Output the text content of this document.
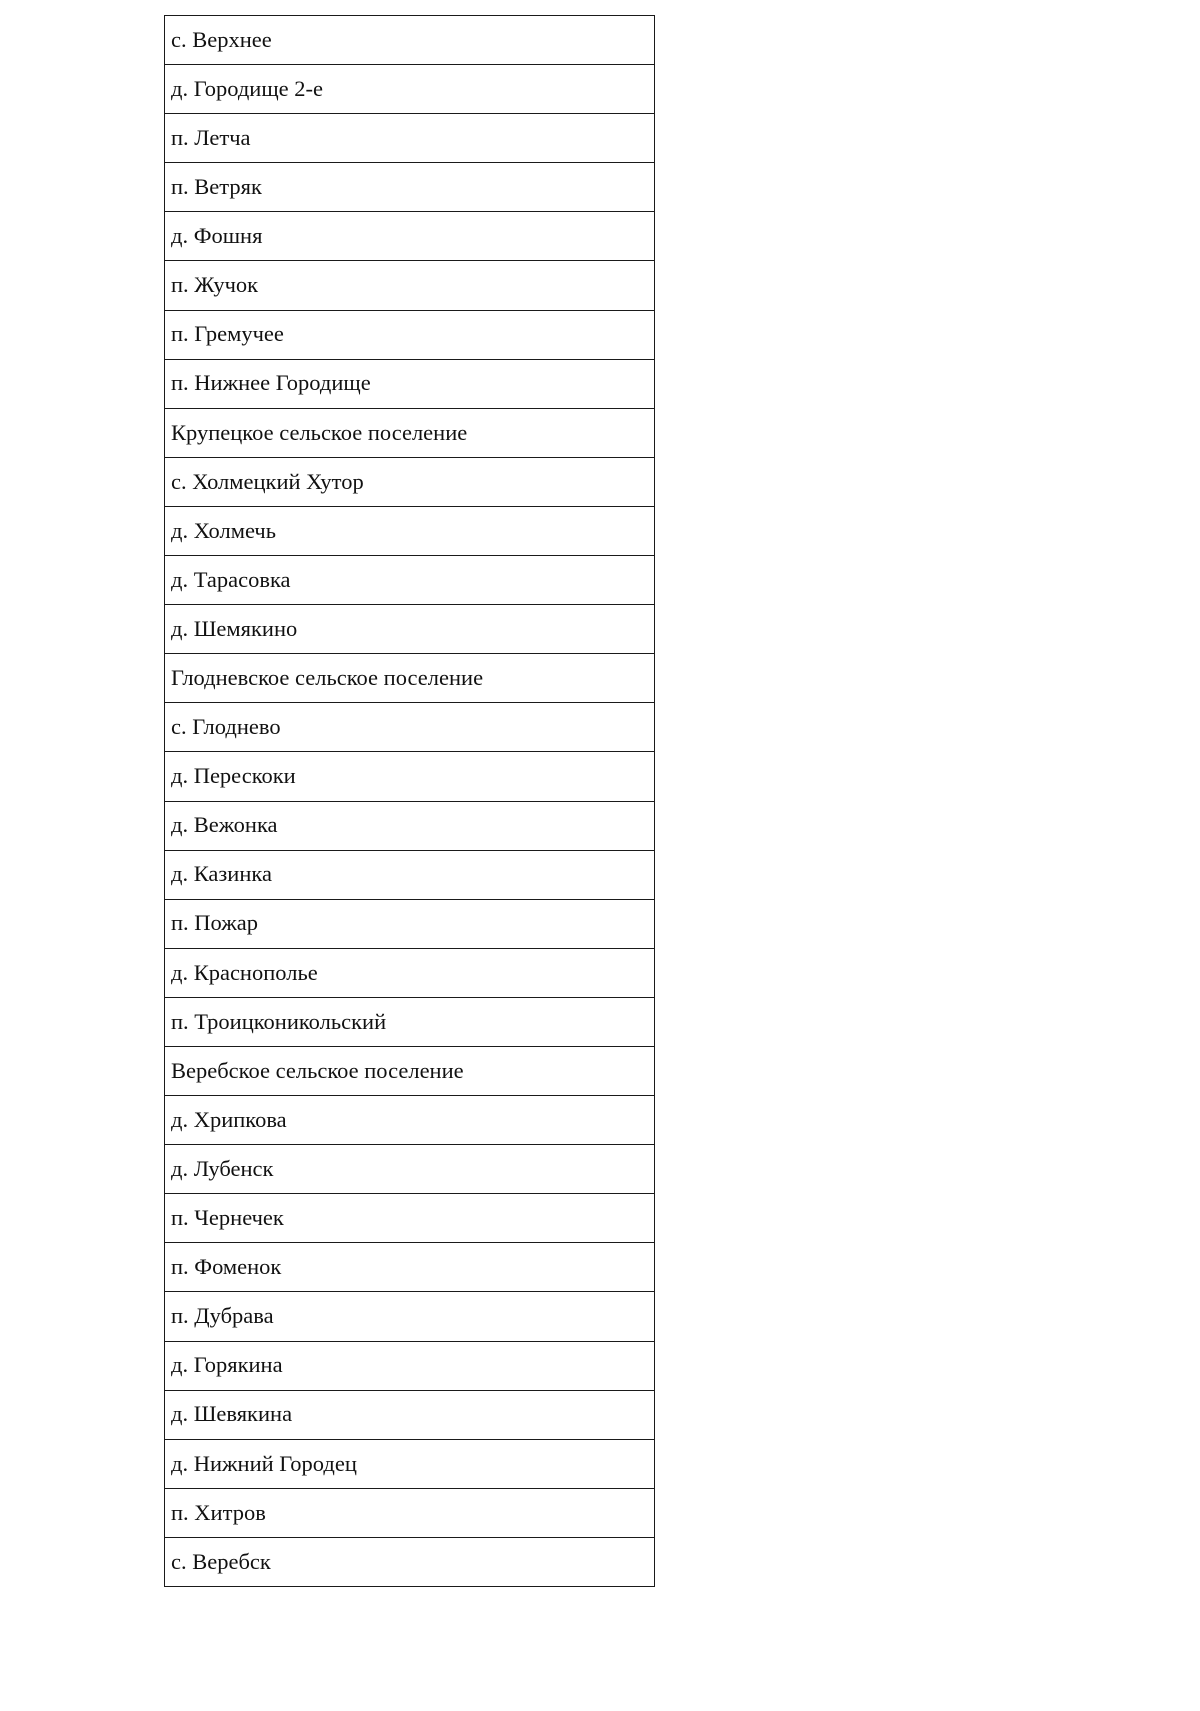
с. Верхнее
д. Городище 2-е
п. Летча
п. Ветряк
д. Фошня
п. Жучок
п. Гремучее
п. Нижнее Городище
Крупецкое сельское поселение
с. Холмецкий Хутор
д. Холмечь
д. Тарасовка
д. Шемякино
Глодневское сельское поселение
с. Глоднево
д. Перескоки
д. Вежонка
д. Казинка
п. Пожар
д. Краснополье
п. Троицконикольский
Веребское сельское поселение
д. Хрипкова
д. Лубенск
п. Чернечек
п. Фоменок
п. Дубрава
д. Горякина
д. Шевякина
д. Нижний Городец
п. Хитров
с. Веребск
